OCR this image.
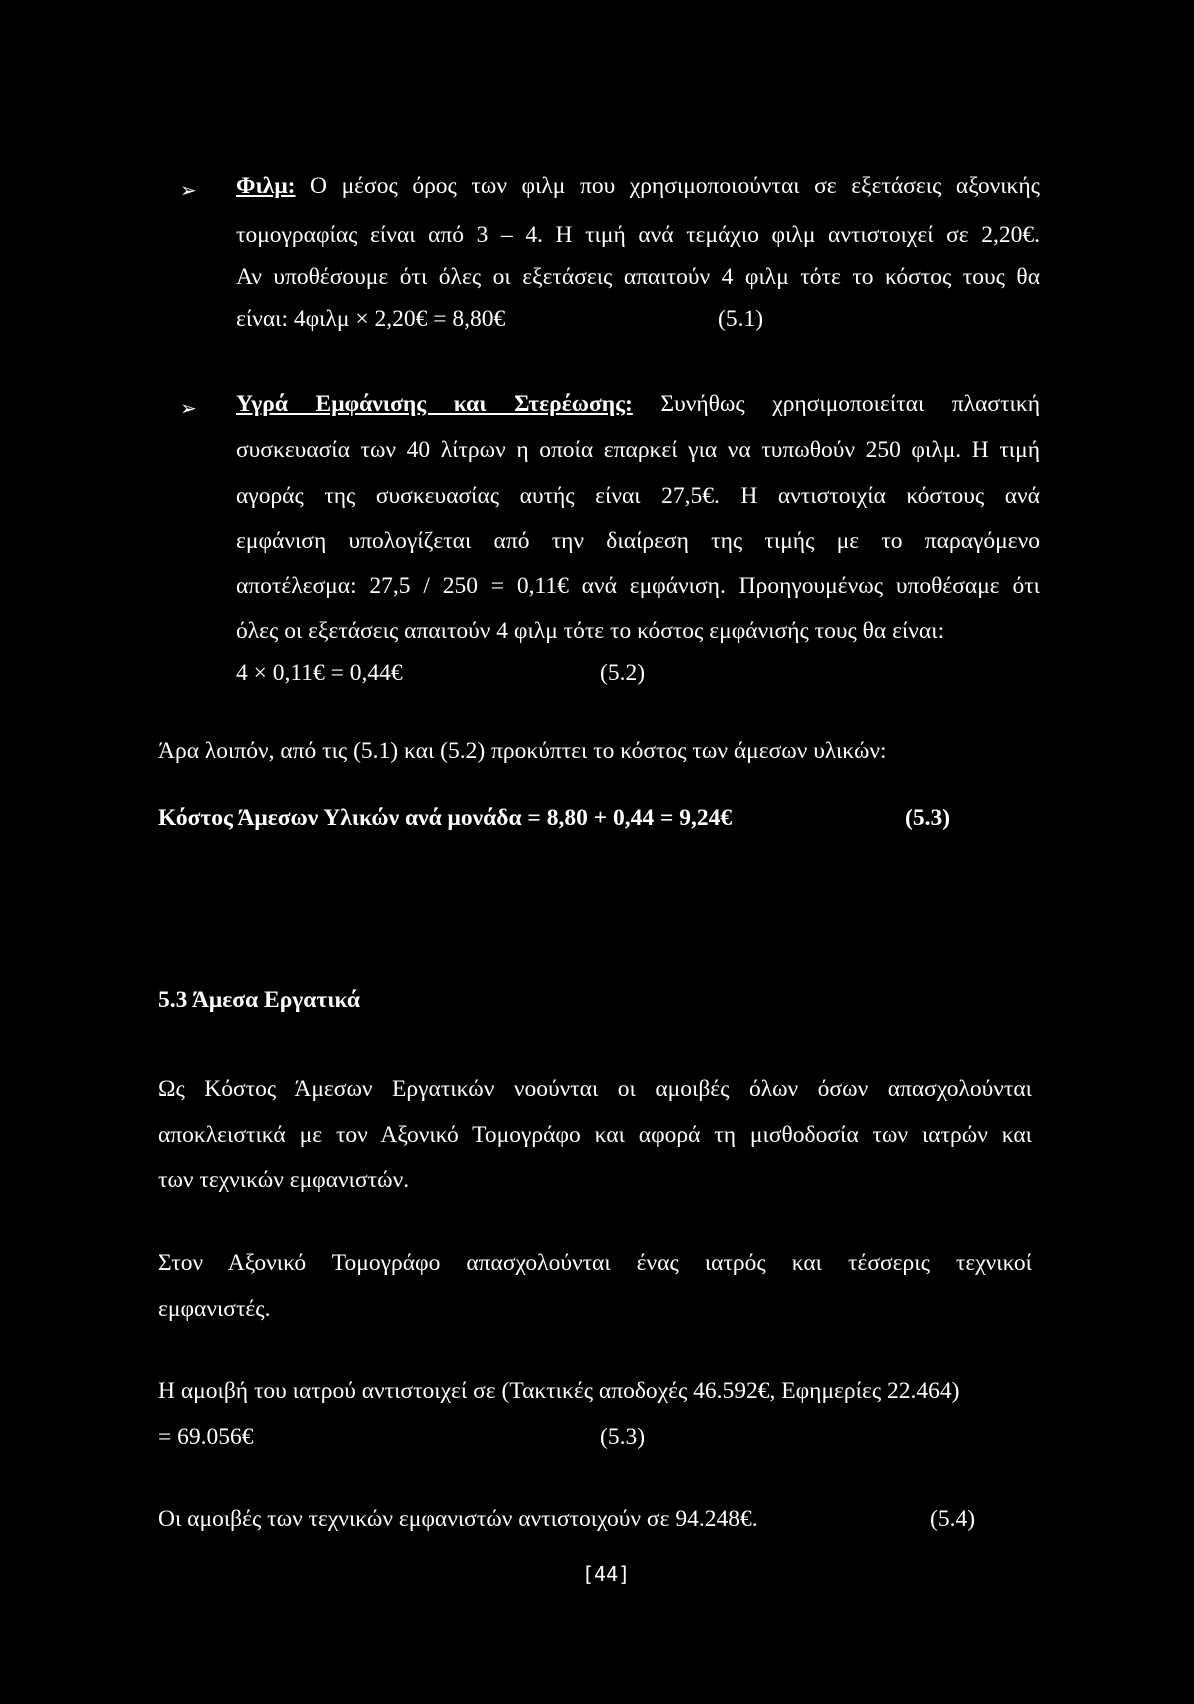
➢ Φιλμ: Ο μέσος όρος των φιλμ που χρησιμοποιούνται σε εξετάσεις αξονικής
τομογραφίας είναι από 3 – 4. Η τιμή ανά τεμάχιο φιλμ αντιστοιχεί σε 2,20€.
Αν υποθέσουμε ότι όλες οι εξετάσεις απαιτούν 4 φιλμ τότε το κόστος τους θα
είναι: 4φιλμ × 2,20€ = 8,80€	(5.1)
➢ Υγρά Εμφάνισης και Στερέωσης: Συνήθως χρησιμοποιείται πλαστική
συσκευασία των 40 λίτρων η οποία επαρκεί για να τυπωθούν 250 φιλμ. Η τιμή
αγοράς της συσκευασίας αυτής είναι 27,5€. Η αντιστοιχία κόστους ανά
εμφάνιση υπολογίζεται από την διαίρεση της τιμής με το παραγόμενο
αποτέλεσμα: 27,5 / 250 = 0,11€ ανά εμφάνιση. Προηγουμένως υποθέσαμε ότι
όλες οι εξετάσεις απαιτούν 4 φιλμ τότε το κόστος εμφάνισής τους θα είναι:
4 × 0,11€ = 0,44€	(5.2)
Άρα λοιπόν, από τις (5.1) και (5.2) προκύπτει το κόστος των άμεσων υλικών:
Κόστος Άμεσων Υλικών ανά μονάδα = 8,80 + 0,44 = 9,24€	(5.3)
5.3 Άμεσα Εργατικά
Ως Κόστος Άμεσων Εργατικών νοούνται οι αμοιβές όλων όσων απασχολούνται
αποκλειστικά με τον Αξονικό Τομογράφο και αφορά τη μισθοδοσία των ιατρών και
των τεχνικών εμφανιστών.
Στον Αξονικό Τομογράφο απασχολούνται ένας ιατρός και τέσσερις τεχνικοί
εμφανιστές.
Η αμοιβή του ιατρού αντιστοιχεί σε (Τακτικές αποδοχές 46.592€, Εφημερίες 22.464)
= 69.056€	(5.3)
Οι αμοιβές των τεχνικών εμφανιστών αντιστοιχούν σε 94.248€.	(5.4)
[44]
